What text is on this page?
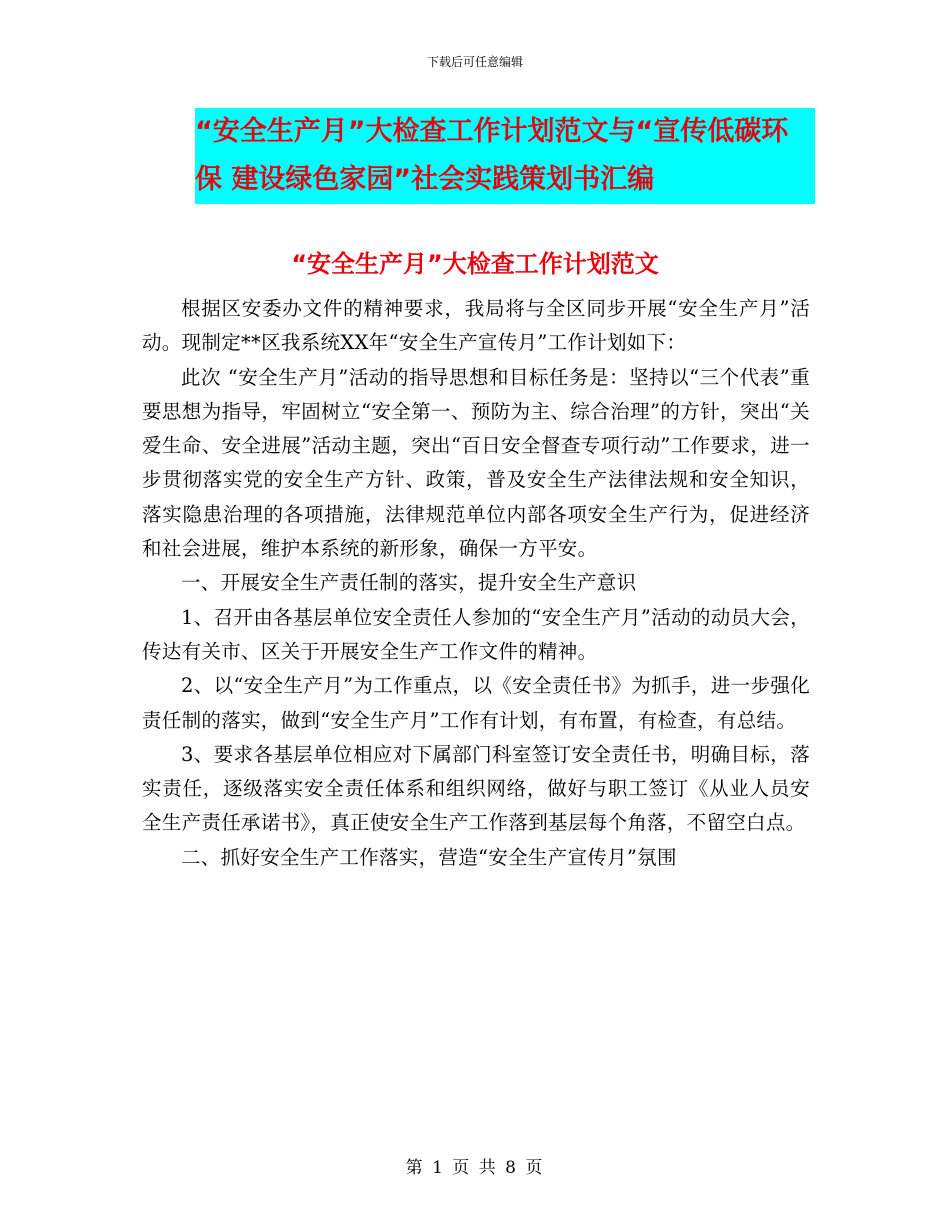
下载后可任意编辑
“安全生产月”大检查工作计划范文与“宣传低碳环
保 建设绿色家园”社会实践策划书汇编
“安全生产月”大检查工作计划范文

根据区安委办文件的精神要求，我局将与全区同步开展“安全生产月”活动。现制定**区我系统XX年“安全生产宣传月”工作计划如下：

此次 “安全生产月”活动的指导思想和目标任务是：坚持以“三个代表”重要思想为指导，牢固树立“安全第一、预防为主、综合治理”的方针，突出“关爱生命、安全进展”活动主题，突出“百日安全督查专项行动”工作要求，进一步贯彻落实党的安全生产方针、政策，普及安全生产法律法规和安全知识，落实隐患治理的各项措施，法律规范单位内部各项安全生产行为，促进经济和社会进展，维护本系统的新形象，确保一方平安。

一、开展安全生产责任制的落实，提升安全生产意识

1、召开由各基层单位安全责任人参加的“安全生产月”活动的动员大会，传达有关市、区关于开展安全生产工作文件的精神。

2、以“安全生产月”为工作重点，以《安全责任书》为抓手，进一步强化责任制的落实，做到“安全生产月”工作有计划，有布置，有检查，有总结。

3、要求各基层单位相应对下属部门科室签订安全责任书，明确目标，落实责任，逐级落实安全责任体系和组织网络，做好与职工签订《从业人员安全生产责任承诺书》，真正使安全生产工作落到基层每个角落，不留空白点。

二、抓好安全生产工作落实，营造“安全生产宣传月”氛围

第 1 页 共 8 页
